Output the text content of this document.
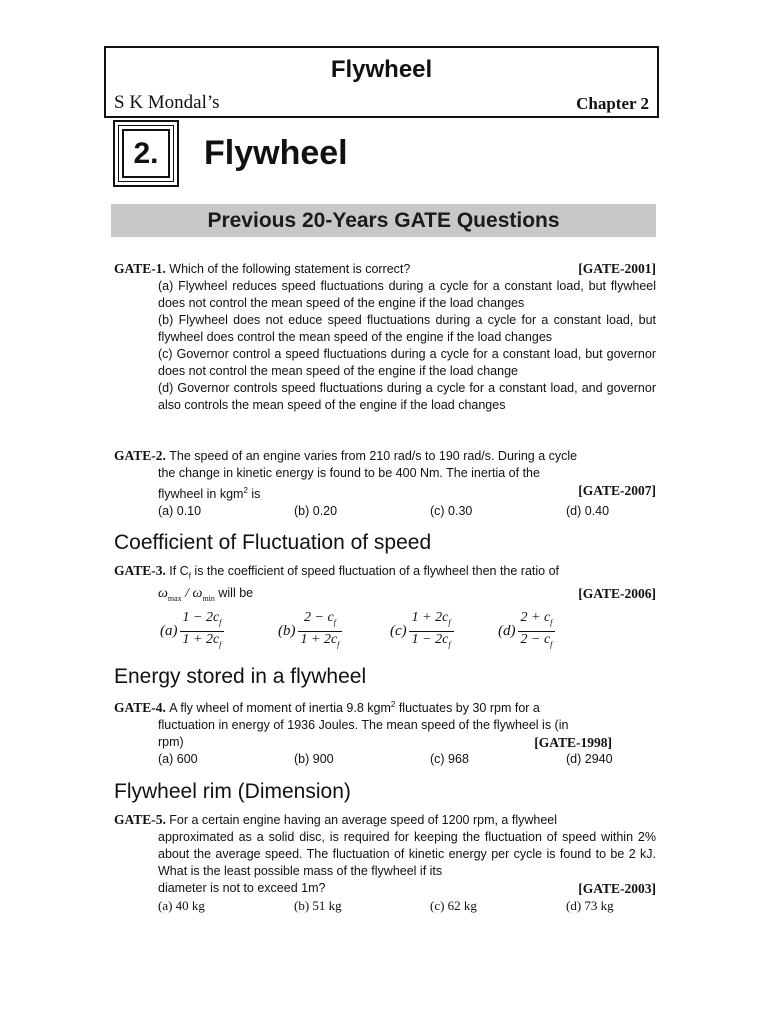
Flywheel
S K Mondal’s	Chapter 2
2.	Flywheel
Previous 20-Years GATE Questions
GATE-1. Which of the following statement is correct?	[GATE-2001]
(a) Flywheel reduces speed fluctuations during a cycle for a constant load, but flywheel does not control the mean speed of the engine if the load changes
(b) Flywheel does not educe speed fluctuations during a cycle for a constant load, but flywheel does control the mean speed of the engine if the load changes
(c) Governor control a speed fluctuations during a cycle for a constant load, but governor does not control the mean speed of the engine if the load change
(d) Governor controls speed fluctuations during a cycle for a constant load, and governor also controls the mean speed of the engine if the load changes
GATE-2. The speed of an engine varies from 210 rad/s to 190 rad/s. During a cycle
the change in kinetic energy is found to be 400 Nm. The inertia of the
flywheel in kgm$^2$ is	[GATE-2007]
(a) 0.10	(b) 0.20	(c) 0.30	(d) 0.40
Coefficient of Fluctuation of speed
GATE-3. If $C_f$ is the coefficient of speed fluctuation of a flywheel then the ratio of
$\omega_{max} / \omega_{min}$ will be	[GATE-2006]
$(a) \frac{1 - 2c_f}{1 + 2c_f}$	$(b) \frac{2 - c_f}{1 + 2c_f}$	$(c) \frac{1 + 2c_f}{1 - 2c_f}$	$(d) \frac{2 + c_f}{2 - c_f}$
Energy stored in a flywheel
GATE-4. A fly wheel of moment of inertia 9.8 kgm$^2$ fluctuates by 30 rpm for a
fluctuation in energy of 1936 Joules. The mean speed of the flywheel is (in
rpm)	[GATE-1998]
(a) 600	(b) 900	(c) 968	(d) 2940
Flywheel rim (Dimension)
GATE-5. For a certain engine having an average speed of 1200 rpm, a flywheel
approximated as a solid disc, is required for keeping the fluctuation of speed within 2% about the average speed. The fluctuation of kinetic energy per cycle is found to be 2 kJ. What is the least possible mass of the flywheel if its
diameter is not to exceed 1m?	[GATE-2003]
(a) 40 kg	(b) 51 kg	(c) 62 kg	(d) 73 kg
